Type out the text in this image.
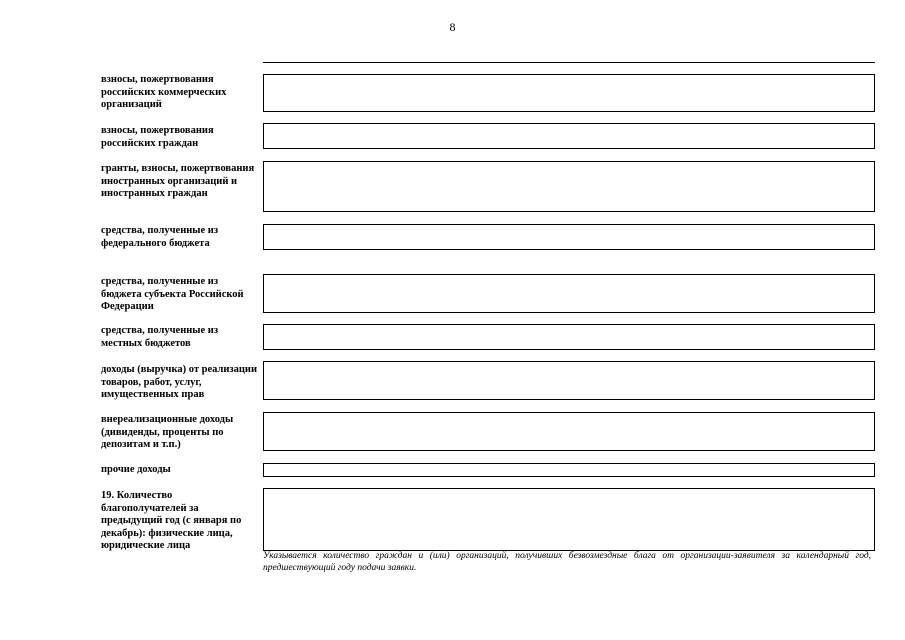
8
взносы, пожертвования российских коммерческих организаций
взносы, пожертвования российских граждан
гранты, взносы, пожертвования иностранных организаций и иностранных граждан
средства, полученные из федерального бюджета
средства, полученные из бюджета субъекта Российской Федерации
средства, полученные из местных бюджетов
доходы (выручка) от реализации товаров, работ, услуг, имущественных прав
внереализационные доходы (дивиденды, проценты по депозитам и т.п.)
прочие доходы
19. Количество благополучателей за предыдущий год (с января по декабрь): физические лица, юридические лица
Указывается количество граждан и (или) организаций, получивших безвозмездные блага от организации-заявителя за календарный год, предшествующий году подачи заявки.
